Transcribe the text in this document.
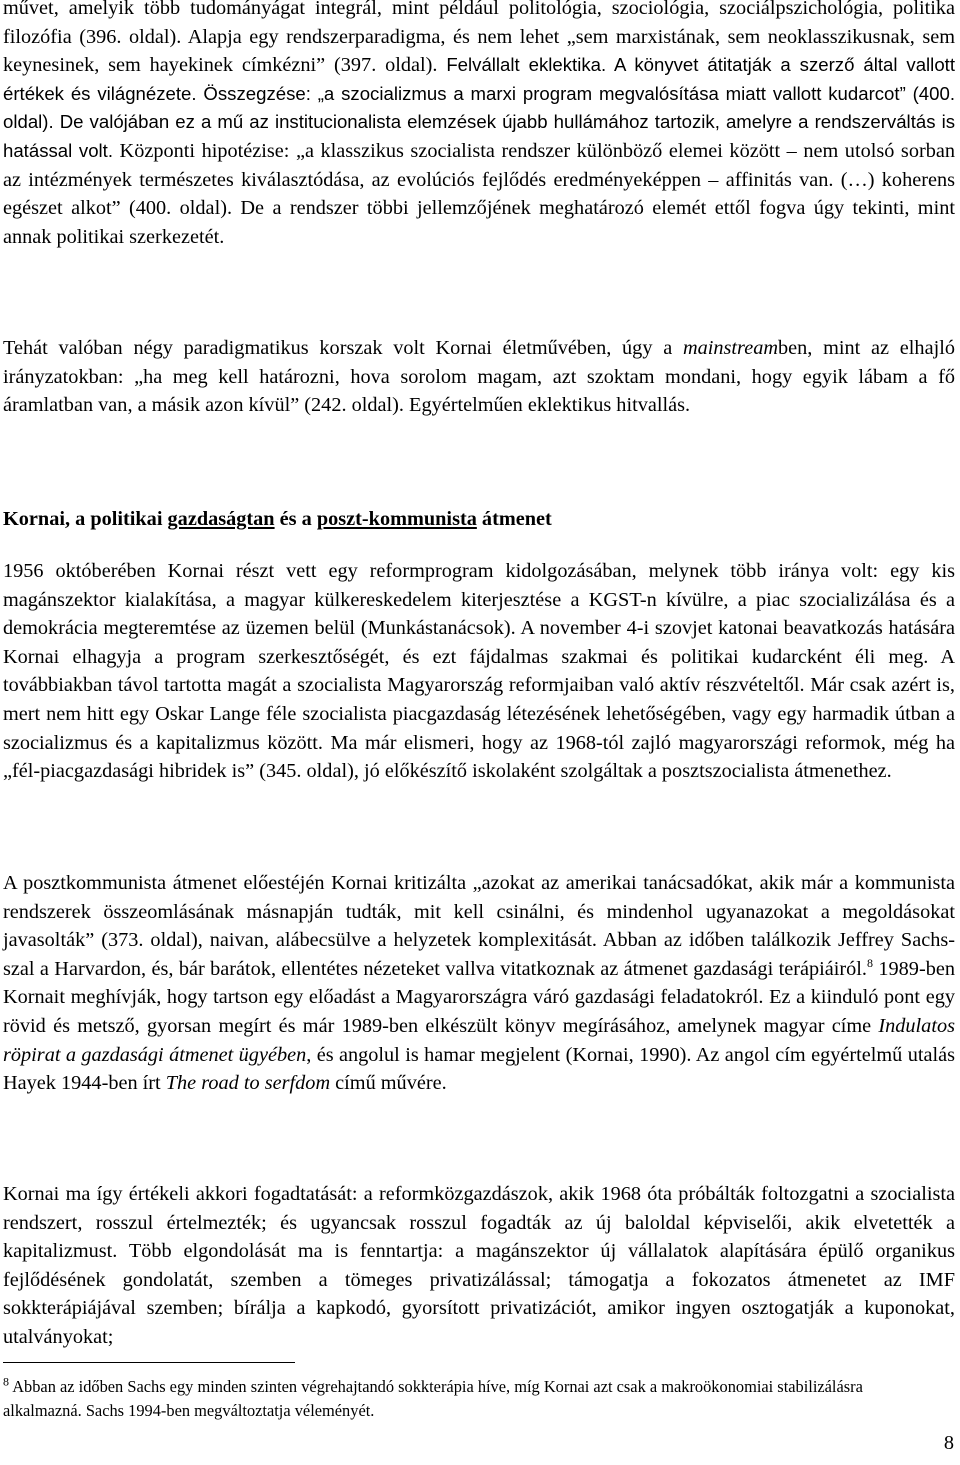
művet, amelyik több tudományágat integrál, mint például politológia, szociológia, szociálpszichológia, politika filozófia (396. oldal). Alapja egy rendszerparadigma, és nem lehet „sem marxistának, sem neoklasszikusnak, sem keynesinek, sem hayekinek címkézni” (397. oldal). Felvállalt eklektika. A könyvet átitatják a szerző által vallott értékek és világnézete. Összegzése: „a szocializmus a marxi program megvalósítása miatt vallott kudarcot” (400. oldal). De valójában ez a mű az institucionalista elemzések újabb hullámához tartozik, amelyre a rendszerváltás is hatással volt. Központi hipotézise: „a klasszikus szocialista rendszer különböző elemei között – nem utolsó sorban az intézmények természetes kiválasztódása, az evolúciós fejlődés eredményeképpen – affinitás van. (…) koherens egészet alkot” (400. oldal). De a rendszer többi jellemzőjének meghatározó elemét ettől fogva úgy tekinti, mint annak politikai szerkezetét.

Tehát valóban négy paradigmatikus korszak volt Kornai életművében, úgy a mainstreamben, mint az elhajló irányzatokban: „ha meg kell határozni, hova sorolom magam, azt szoktam mondani, hogy egyik lábam a fő áramlatban van, a másik azon kívül” (242. oldal). Egyértelműen eklektikus hitvallás.

Kornai, a politikai gazdaságtan és a poszt-kommunista átmenet

1956 októberében Kornai részt vett egy reformprogram kidolgozásában, melynek több iránya volt: egy kis magánszektor kialakítása, a magyar külkereskedelem kiterjesztése a KGST-n kívülre, a piac szocializálása és a demokrácia megteremtése az üzemen belül (Munkástanácsok). A november 4-i szovjet katonai beavatkozás hatására Kornai elhagyja a program szerkesztőségét, és ezt fájdalmas szakmai és politikai kudarcként éli meg. A továbbiakban távol tartotta magát a szocialista Magyarország reformjaiban való aktív részvételtől. Már csak azért is, mert nem hitt egy Oskar Lange féle szocialista piacgazdaság létezésének lehetőségében, vagy egy harmadik útban a szocializmus és a kapitalizmus között. Ma már elismeri, hogy az 1968-tól zajló magyarországi reformok, még ha „fél-piacgazdasági hibridek is” (345. oldal), jó előkészítő iskolaként szolgáltak a posztszocialista átmenethez.

A posztkommunista átmenet előestéjén Kornai kritizálta „azokat az amerikai tanácsadókat, akik már a kommunista rendszerek összeomlásának másnapján tudták, mit kell csinálni, és mindenhol ugyanazokat a megoldásokat javasolták” (373. oldal), naivan, alábecsülve a helyzetek komplexitását. Abban az időben találkozik Jeffrey Sachs-szal a Harvardon, és, bár barátok, ellentétes nézeteket vallva vitatkoznak az átmenet gazdasági terápiáiról.$^8$ 1989-ben Kornait meghívják, hogy tartson egy előadást a Magyarországra váró gazdasági feladatokról. Ez a kiinduló pont egy rövid és metsző, gyorsan megírt és már 1989-ben elkészült könyv megírásához, amelynek magyar címe Indulatos röpirat a gazdasági átmenet ügyében, és angolul is hamar megjelent (Kornai, 1990). Az angol cím egyértelmű utalás Hayek 1944-ben írt The road to serfdom című művére.

Kornai ma így értékeli akkori fogadtatását: a reformközgazdászok, akik 1968 óta próbálták foltozgatni a szocialista rendszert, rosszul értelmezték; és ugyancsak rosszul fogadták az új baloldal képviselői, akik elvetették a kapitalizmust. Több elgondolását ma is fenntartja: a magánszektor új vállalatok alapítására épülő organikus fejlődésének gondolatát, szemben a tömeges privatizálással; támogatja a fokozatos átmenetet az IMF sokkterápiájával szemben; bírálja a kapkodó, gyorsított privatizációt, amikor ingyen osztogatják a kuponokat, utalványokat;

$^8$ Abban az időben Sachs egy minden szinten végrehajtandó sokkterápia híve, míg Kornai azt csak a makroökonomiai stabilizálásra alkalmazná. Sachs 1994-ben megváltoztatja véleményét.

8
